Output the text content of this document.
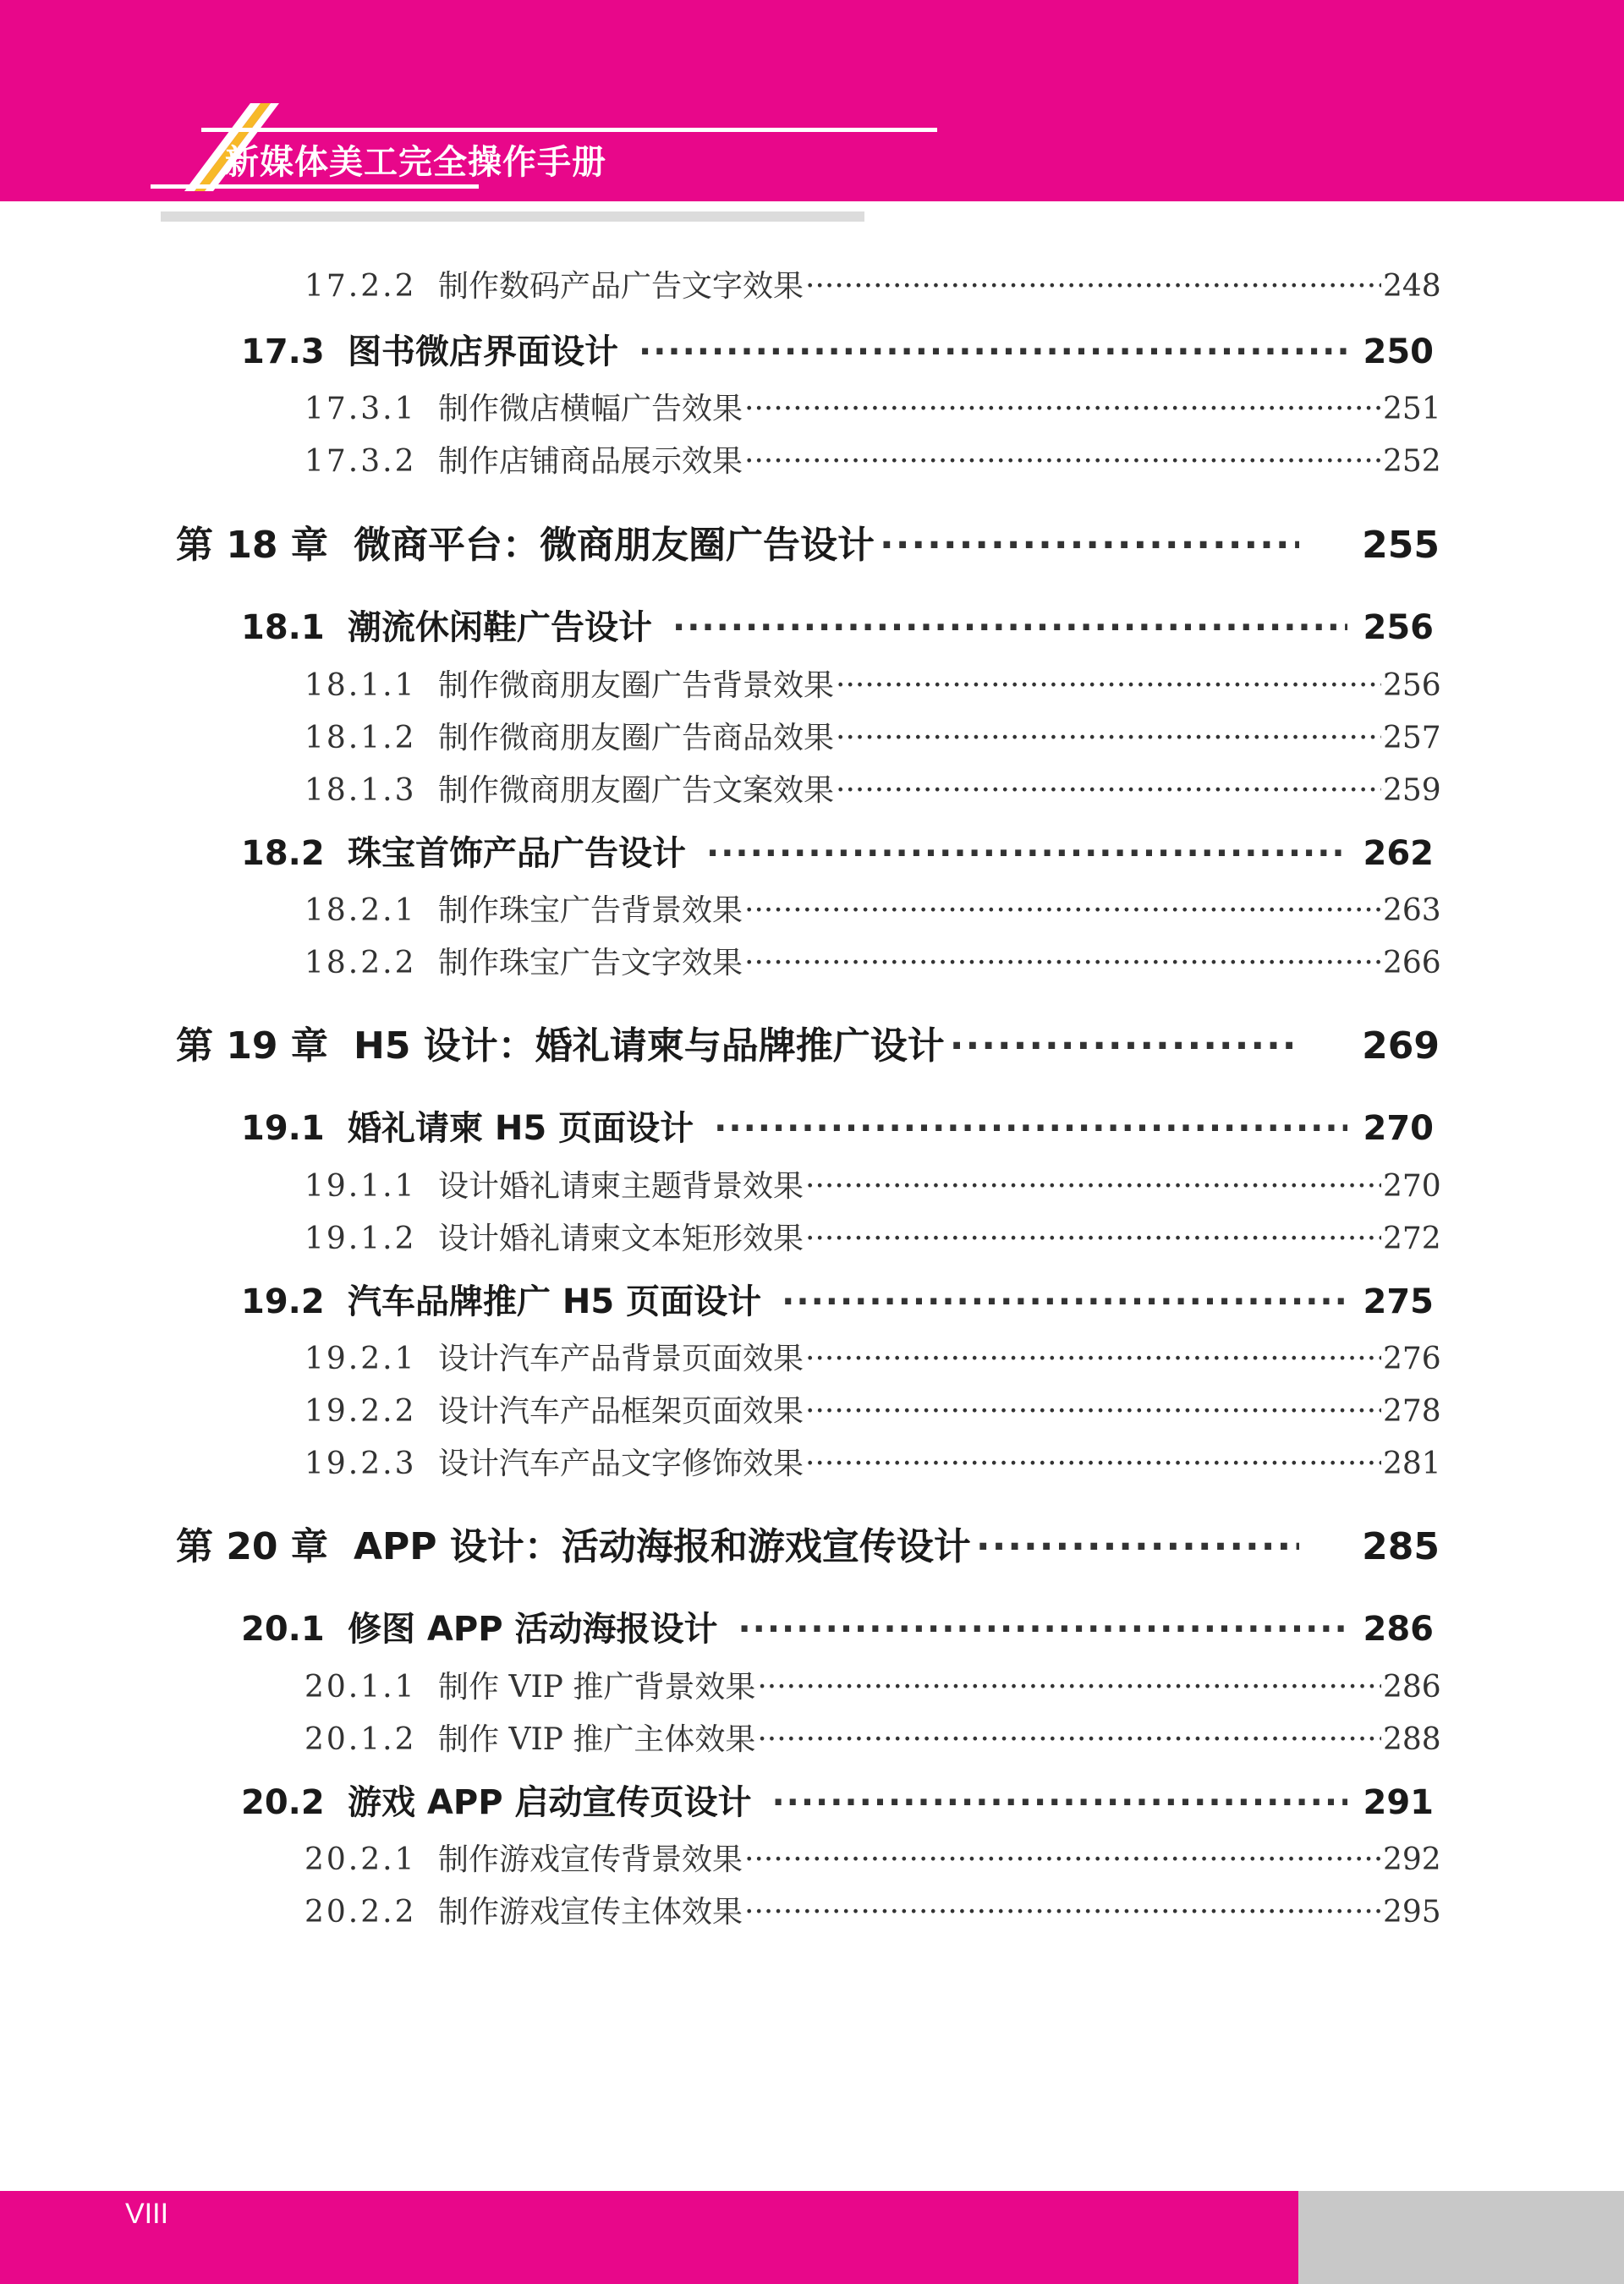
新媒体美工完全操作手册
17.2.2 制作数码产品广告文字效果 ·····	248
17.3 图书微店界面设计 ·····	250
17.3.1 制作微店横幅广告效果 ·····	251
17.3.2 制作店铺商品展示效果 ·····	252
第 18 章 微商平台：微商朋友圈广告设计 ·····	255
18.1 潮流休闲鞋广告设计 ·····	256
18.1.1 制作微商朋友圈广告背景效果 ·····	256
18.1.2 制作微商朋友圈广告商品效果 ·····	257
18.1.3 制作微商朋友圈广告文案效果 ·····	259
18.2 珠宝首饰产品广告设计 ·····	262
18.2.1 制作珠宝广告背景效果 ·····	263
18.2.2 制作珠宝广告文字效果 ·····	266
第 19 章 H5 设计：婚礼请柬与品牌推广设计 ·····	269
19.1 婚礼请柬 H5 页面设计 ·····	270
19.1.1 设计婚礼请柬主题背景效果 ·····	270
19.1.2 设计婚礼请柬文本矩形效果 ·····	272
19.2 汽车品牌推广 H5 页面设计 ·····	275
19.2.1 设计汽车产品背景页面效果 ·····	276
19.2.2 设计汽车产品框架页面效果 ·····	278
19.2.3 设计汽车产品文字修饰效果 ·····	281
第 20 章 APP 设计：活动海报和游戏宣传设计 ·····	285
20.1 修图 APP 活动海报设计 ·····	286
20.1.1 制作 VIP 推广背景效果 ·····	286
20.1.2 制作 VIP 推广主体效果 ·····	288
20.2 游戏 APP 启动宣传页设计 ·····	291
20.2.1 制作游戏宣传背景效果 ·····	292
20.2.2 制作游戏宣传主体效果 ·····	295
VIII
